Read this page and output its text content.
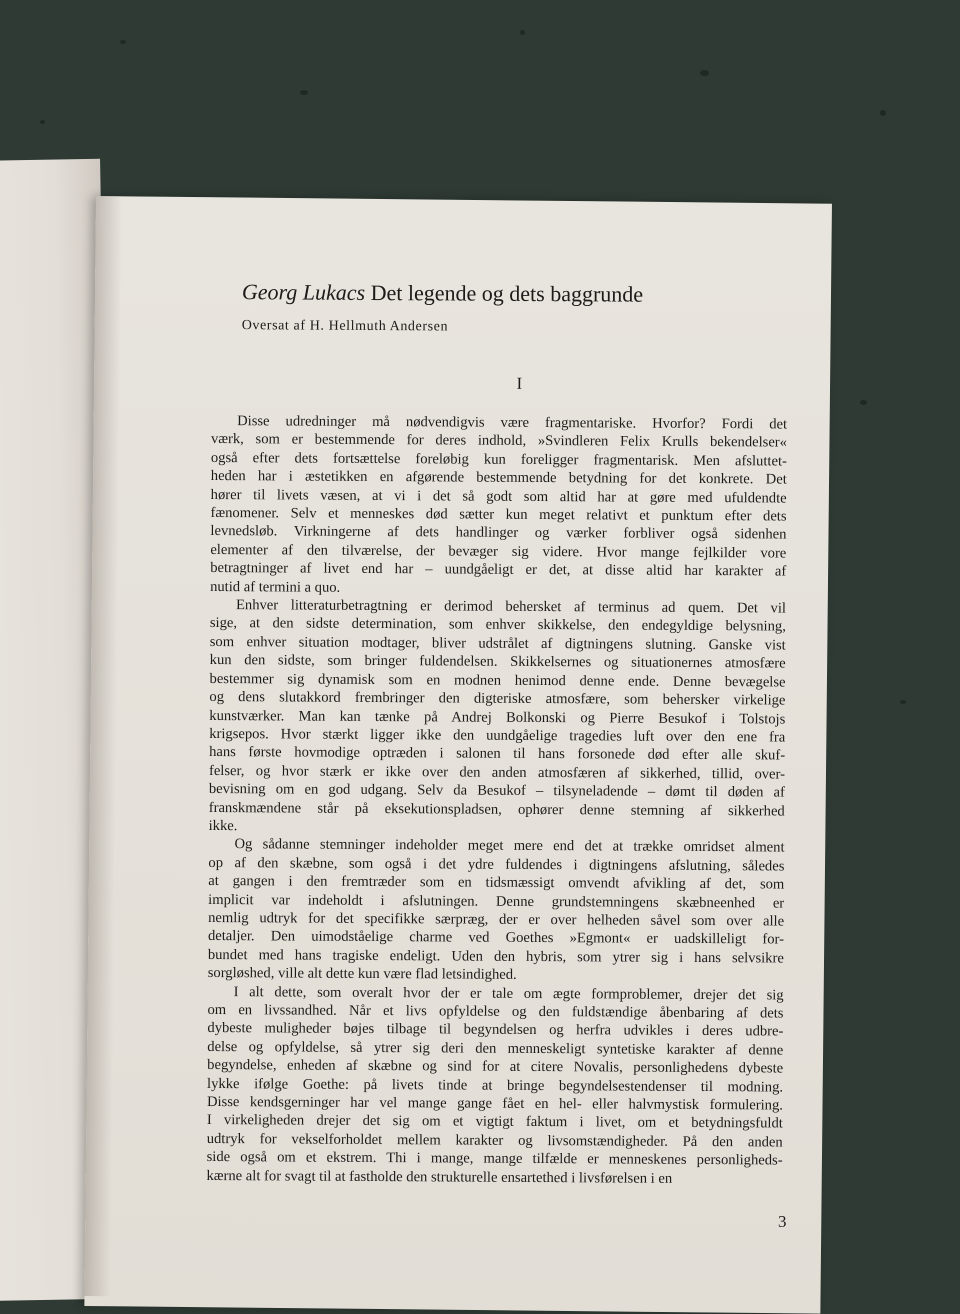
Georg Lukacs Det legende og dets baggrunde
Oversat af H. Hellmuth Andersen
I
Disse udredninger må nødvendigvis være fragmentariske. Hvorfor? Fordi det
værk, som er bestemmende for deres indhold, »Svindleren Felix Krulls bekendelser«
også efter dets fortsættelse foreløbig kun foreligger fragmentarisk. Men afsluttet-
heden har i æstetikken en afgørende bestemmende betydning for det konkrete. Det
hører til livets væsen, at vi i det så godt som altid har at gøre med ufuldendte
fænomener. Selv et menneskes død sætter kun meget relativt et punktum efter dets
levnedsløb. Virkningerne af dets handlinger og værker forbliver også sidenhen
elementer af den tilværelse, der bevæger sig videre. Hvor mange fejlkilder vore
betragtninger af livet end har – uundgåeligt er det, at disse altid har karakter af
nutid af termini a quo.
Enhver litteraturbetragtning er derimod behersket af terminus ad quem. Det vil
sige, at den sidste determination, som enhver skikkelse, den endegyldige belysning,
som enhver situation modtager, bliver udstrålet af digtningens slutning. Ganske vist
kun den sidste, som bringer fuldendelsen. Skikkelsernes og situationernes atmosfære
bestemmer sig dynamisk som en modnen henimod denne ende. Denne bevægelse
og dens slutakkord frembringer den digteriske atmosfære, som behersker virkelige
kunstværker. Man kan tænke på Andrej Bolkonski og Pierre Besukof i Tolstojs
krigsepos. Hvor stærkt ligger ikke den uundgåelige tragedies luft over den ene fra
hans første hovmodige optræden i salonen til hans forsonede død efter alle skuf-
felser, og hvor stærk er ikke over den anden atmosfæren af sikkerhed, tillid, over-
bevisning om en god udgang. Selv da Besukof – tilsyneladende – dømt til døden af
franskmændene står på eksekutionspladsen, ophører denne stemning af sikkerhed
ikke.
Og sådanne stemninger indeholder meget mere end det at trække omridset alment
op af den skæbne, som også i det ydre fuldendes i digtningens afslutning, således
at gangen i den fremtræder som en tidsmæssigt omvendt afvikling af det, som
implicit var indeholdt i afslutningen. Denne grundstemningens skæbneenhed er
nemlig udtryk for det specifikke særpræg, der er over helheden såvel som over alle
detaljer. Den uimodståelige charme ved Goethes »Egmont« er uadskilleligt for-
bundet med hans tragiske endeligt. Uden den hybris, som ytrer sig i hans selvsikre
sorgløshed, ville alt dette kun være flad letsindighed.
I alt dette, som overalt hvor der er tale om ægte formproblemer, drejer det sig
om en livssandhed. Når et livs opfyldelse og den fuldstændige åbenbaring af dets
dybeste muligheder bøjes tilbage til begyndelsen og herfra udvikles i deres udbre-
delse og opfyldelse, så ytrer sig deri den menneskeligt syntetiske karakter af denne
begyndelse, enheden af skæbne og sind for at citere Novalis, personlighedens dybeste
lykke ifølge Goethe: på livets tinde at bringe begyndelsestendenser til modning.
Disse kendsgerninger har vel mange gange fået en hel- eller halvmystisk formulering.
I virkeligheden drejer det sig om et vigtigt faktum i livet, om et betydningsfuldt
udtryk for vekselforholdet mellem karakter og livsomstændigheder. På den anden
side også om et ekstrem. Thi i mange, mange tilfælde er menneskenes personligheds-
kærne alt for svagt til at fastholde den strukturelle ensartethed i livsførelsen i en
3
